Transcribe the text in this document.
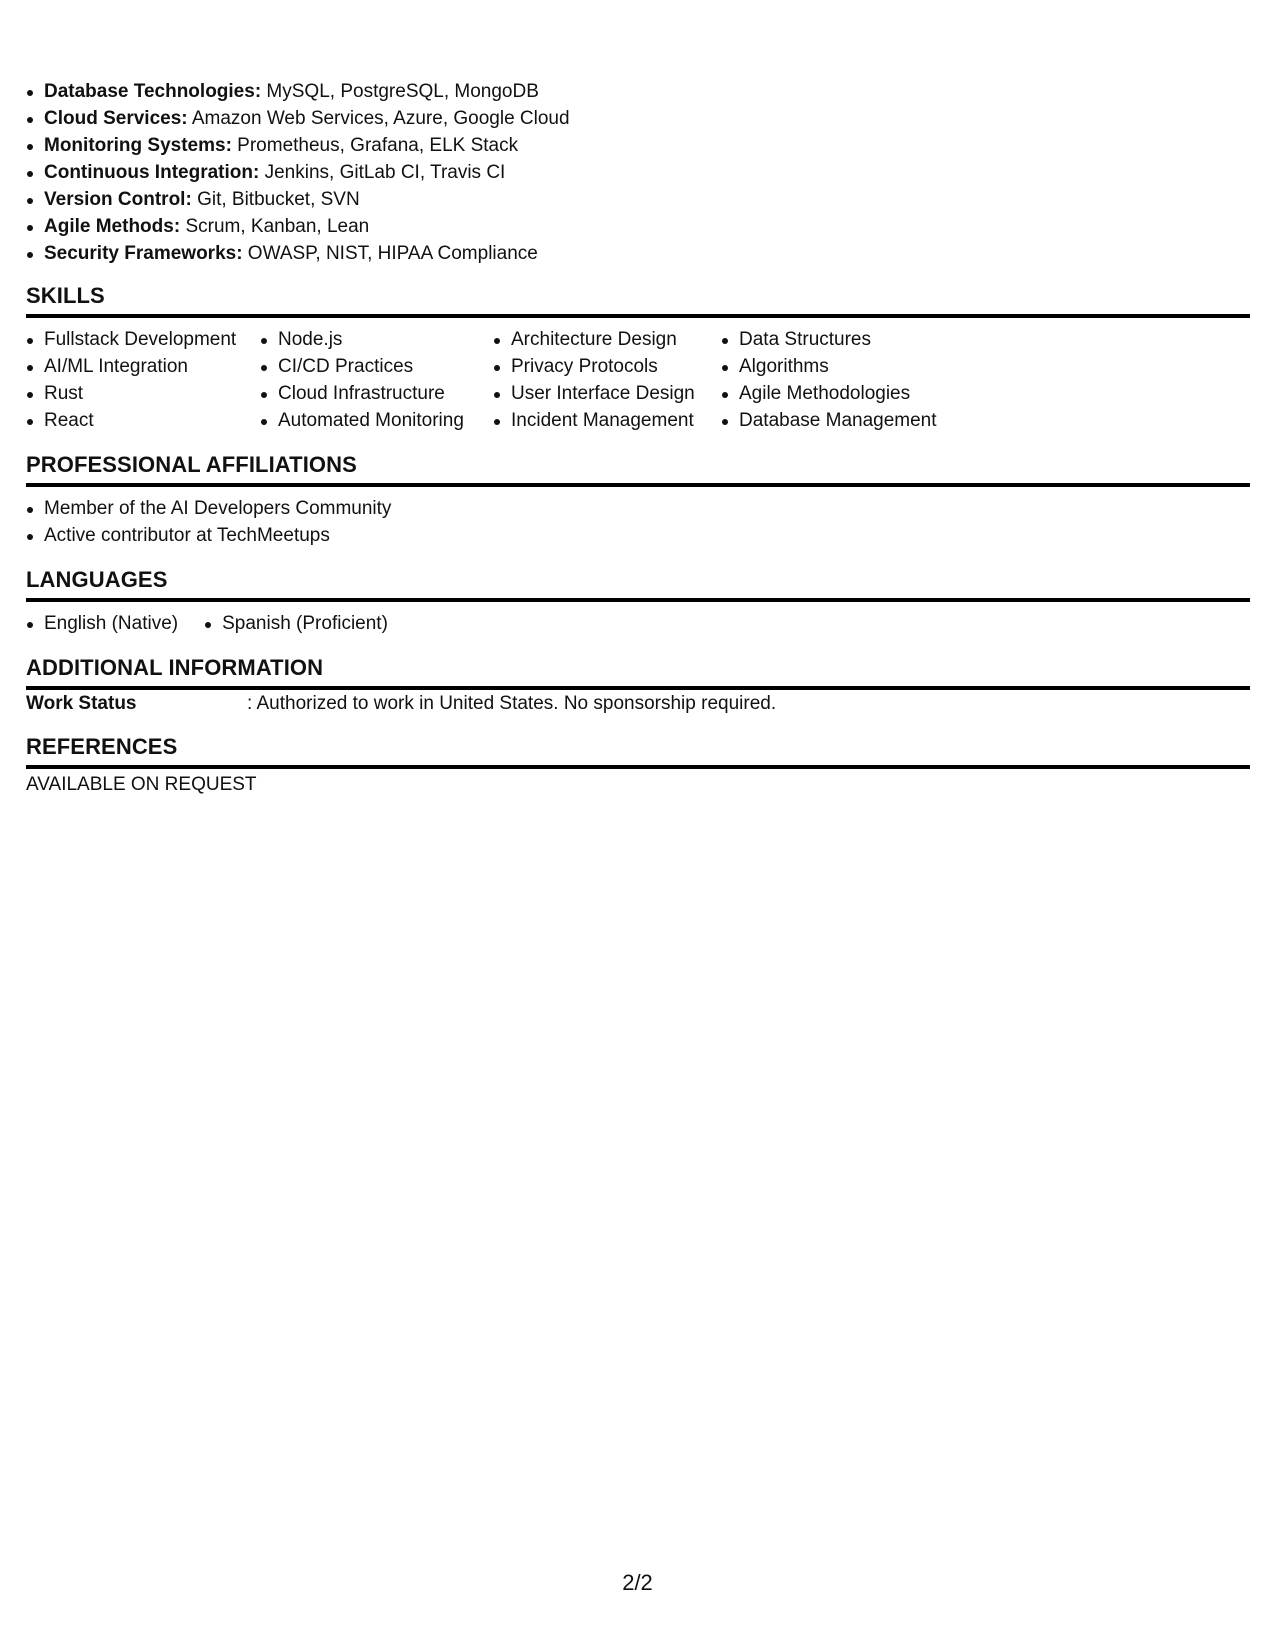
Database Technologies: MySQL, PostgreSQL, MongoDB
Cloud Services: Amazon Web Services, Azure, Google Cloud
Monitoring Systems: Prometheus, Grafana, ELK Stack
Continuous Integration: Jenkins, GitLab CI, Travis CI
Version Control: Git, Bitbucket, SVN
Agile Methods: Scrum, Kanban, Lean
Security Frameworks: OWASP, NIST, HIPAA Compliance
SKILLS
Fullstack Development
AI/ML Integration
Rust
React
Node.js
CI/CD Practices
Cloud Infrastructure
Automated Monitoring
Architecture Design
Privacy Protocols
User Interface Design
Incident Management
Data Structures
Algorithms
Agile Methodologies
Database Management
PROFESSIONAL AFFILIATIONS
Member of the AI Developers Community
Active contributor at TechMeetups
LANGUAGES
English (Native)	Spanish (Proficient)
ADDITIONAL INFORMATION
Work Status	: Authorized to work in United States. No sponsorship required.
REFERENCES
AVAILABLE ON REQUEST
2/2
